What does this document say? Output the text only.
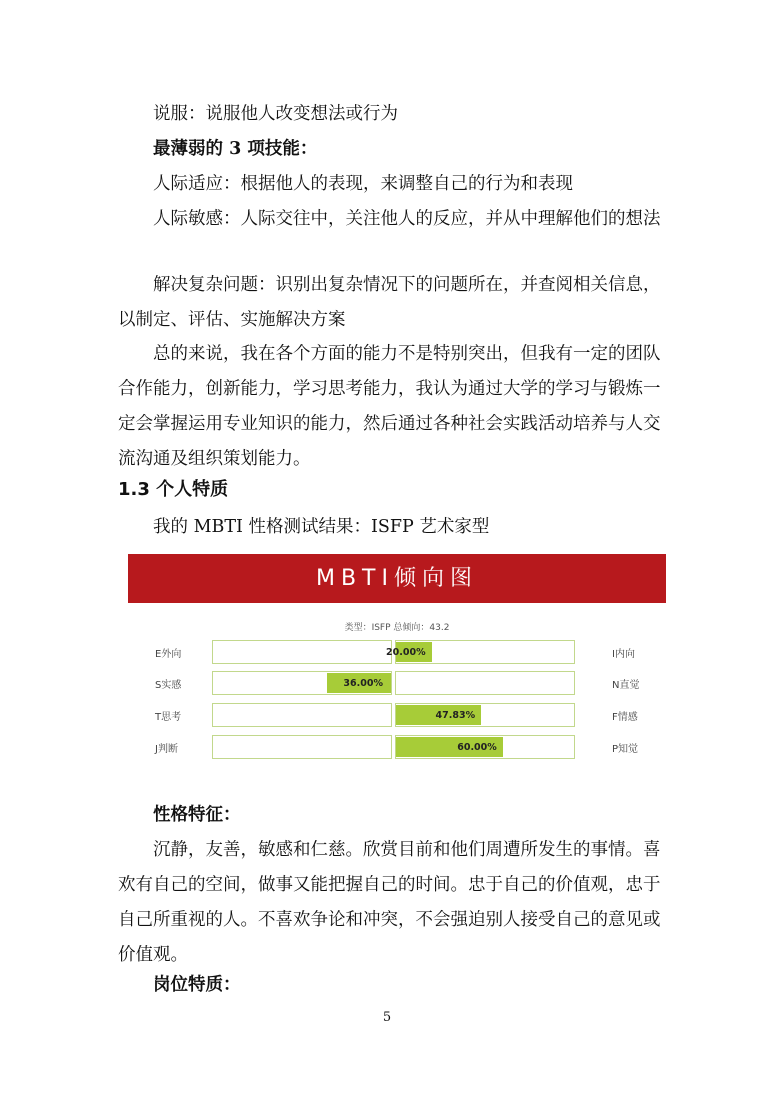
说服：说服他人改变想法或行为

最薄弱的 3 项技能：

人际适应：根据他人的表现，来调整自己的行为和表现

人际敏感：人际交往中，关注他人的反应，并从中理解他们的想法

解决复杂问题：识别出复杂情况下的问题所在，并查阅相关信息，以制定、评估、实施解决方案

总的来说，我在各个方面的能力不是特别突出，但我有一定的团队合作能力，创新能力，学习思考能力，我认为通过大学的学习与锻炼一定会掌握运用专业知识的能力，然后通过各种社会实践活动培养与人交流沟通及组织策划能力。

1.3 个人特质

我的 MBTI 性格测试结果：ISFP 艺术家型

MBTI倾向图
类型：ISFP 总倾向：43.2
E外向	20.00%	I内向
S实感	36.00%	N直觉
T思考	47.83%	F情感
J判断	60.00%	P知觉

性格特征：

沉静，友善，敏感和仁慈。欣赏目前和他们周遭所发生的事情。喜欢有自己的空间，做事又能把握自己的时间。忠于自己的价值观，忠于自己所重视的人。不喜欢争论和冲突，不会强迫别人接受自己的意见或价值观。

岗位特质：

5
